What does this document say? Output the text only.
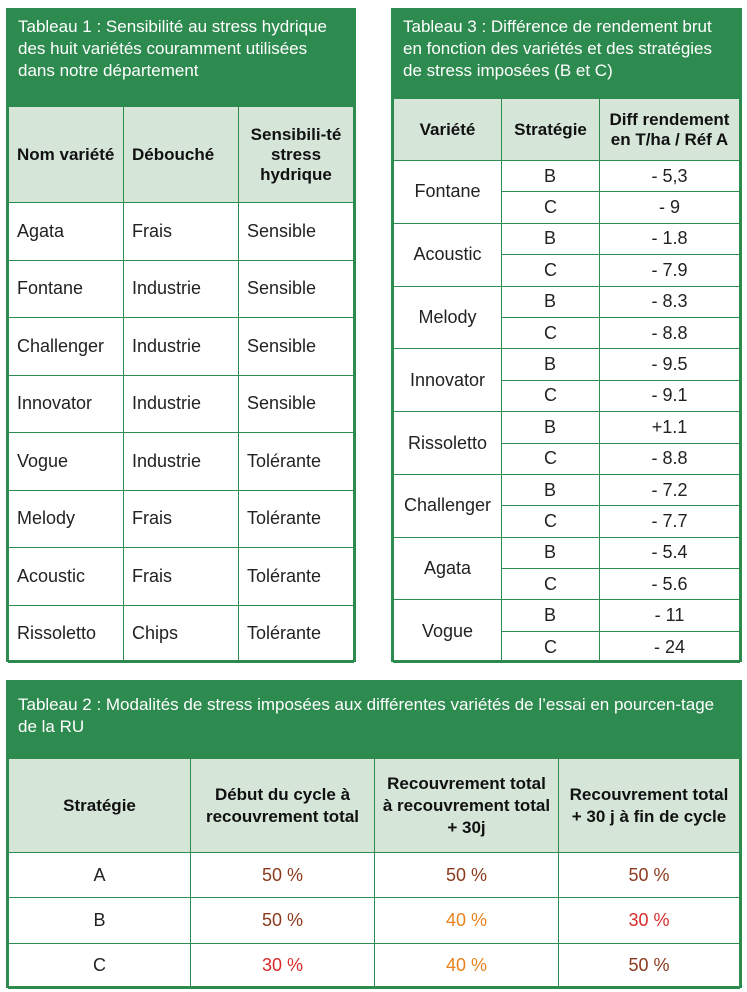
Tableau 1 : Sensibilité au stress hydrique des huit variétés couramment utilisées dans notre département
Nom variété	Débouché	Sensibili-té stress hydrique
Agata	Frais	Sensible
Fontane	Industrie	Sensible
Challenger	Industrie	Sensible
Innovator	Industrie	Sensible
Vogue	Industrie	Tolérante
Melody	Frais	Tolérante
Acoustic	Frais	Tolérante
Rissoletto	Chips	Tolérante
Tableau 3 : Différence de rendement brut en fonction des variétés et des stratégies de stress imposées (B et C)
Variété	Stratégie	Diff rendement en T/ha / Réf A
Fontane	B	- 5,3
	C	- 9
Acoustic	B	- 1.8
	C	- 7.9
Melody	B	- 8.3
	C	- 8.8
Innovator	B	- 9.5
	C	- 9.1
Rissoletto	B	+1.1
	C	- 8.8
Challenger	B	- 7.2
	C	- 7.7
Agata	B	- 5.4
	C	- 5.6
Vogue	B	- 11
	C	- 24
Tableau 2 : Modalités de stress imposées aux différentes variétés de l’essai en pourcen-tage de la RU
Stratégie	Début du cycle à recouvrement total	Recouvrement total à recouvrement total + 30j	Recouvrement total + 30 j à fin de cycle
A	50 %	50 %	50 %
B	50 %	40 %	30 %
C	30 %	40 %	50 %
